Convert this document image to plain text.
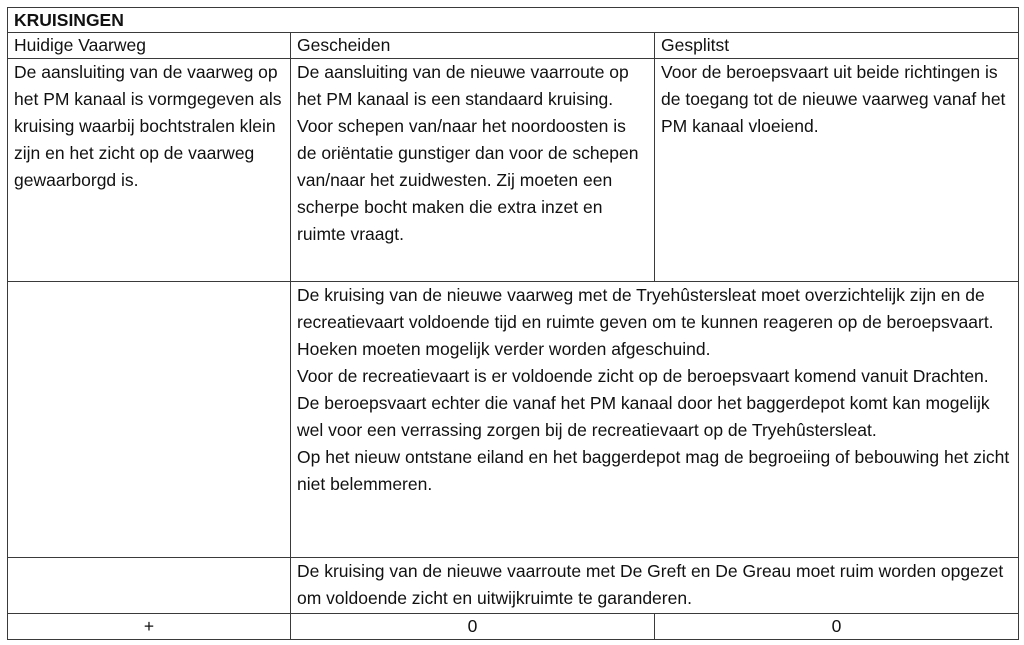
KRUISINGEN		
Huidige Vaarweg	Gescheiden	Gesplitst
De aansluiting van de vaarweg op het PM kanaal is vormgegeven als kruising waarbij bochtstralen klein zijn en het zicht op de vaarweg gewaarborgd is.	De aansluiting van de nieuwe vaarroute op het PM kanaal is een standaard kruising. Voor schepen van/naar het noordoosten is de oriëntatie gunstiger dan voor de schepen van/naar het zuidwesten. Zij moeten een scherpe bocht maken die extra inzet en ruimte vraagt.	Voor de beroepsvaart uit beide richtingen is de toegang tot de nieuwe vaarweg vanaf het PM kanaal vloeiend.

	De kruising van de nieuwe vaarweg met de Tryehûstersleat moet overzichtelijk zijn en de recreatievaart voldoende tijd en ruimte geven om te kunnen reageren op de beroepsvaart. Hoeken moeten mogelijk verder worden afgeschuind.
Voor de recreatievaart is er voldoende zicht op de beroepsvaart komend vanuit Drachten. De beroepsvaart echter die vanaf het PM kanaal door het baggerdepot komt kan mogelijk wel voor een verrassing zorgen bij de recreatievaart op de Tryehûstersleat.
Op het nieuw ontstane eiland en het baggerdepot mag de begroeiing of bebouwing het zicht niet belemmeren.	

	De kruising van de nieuwe vaarroute met De Greft en De Greau moet ruim worden opgezet om voldoende zicht en uitwijkruimte te garanderen.	
+	0	0
